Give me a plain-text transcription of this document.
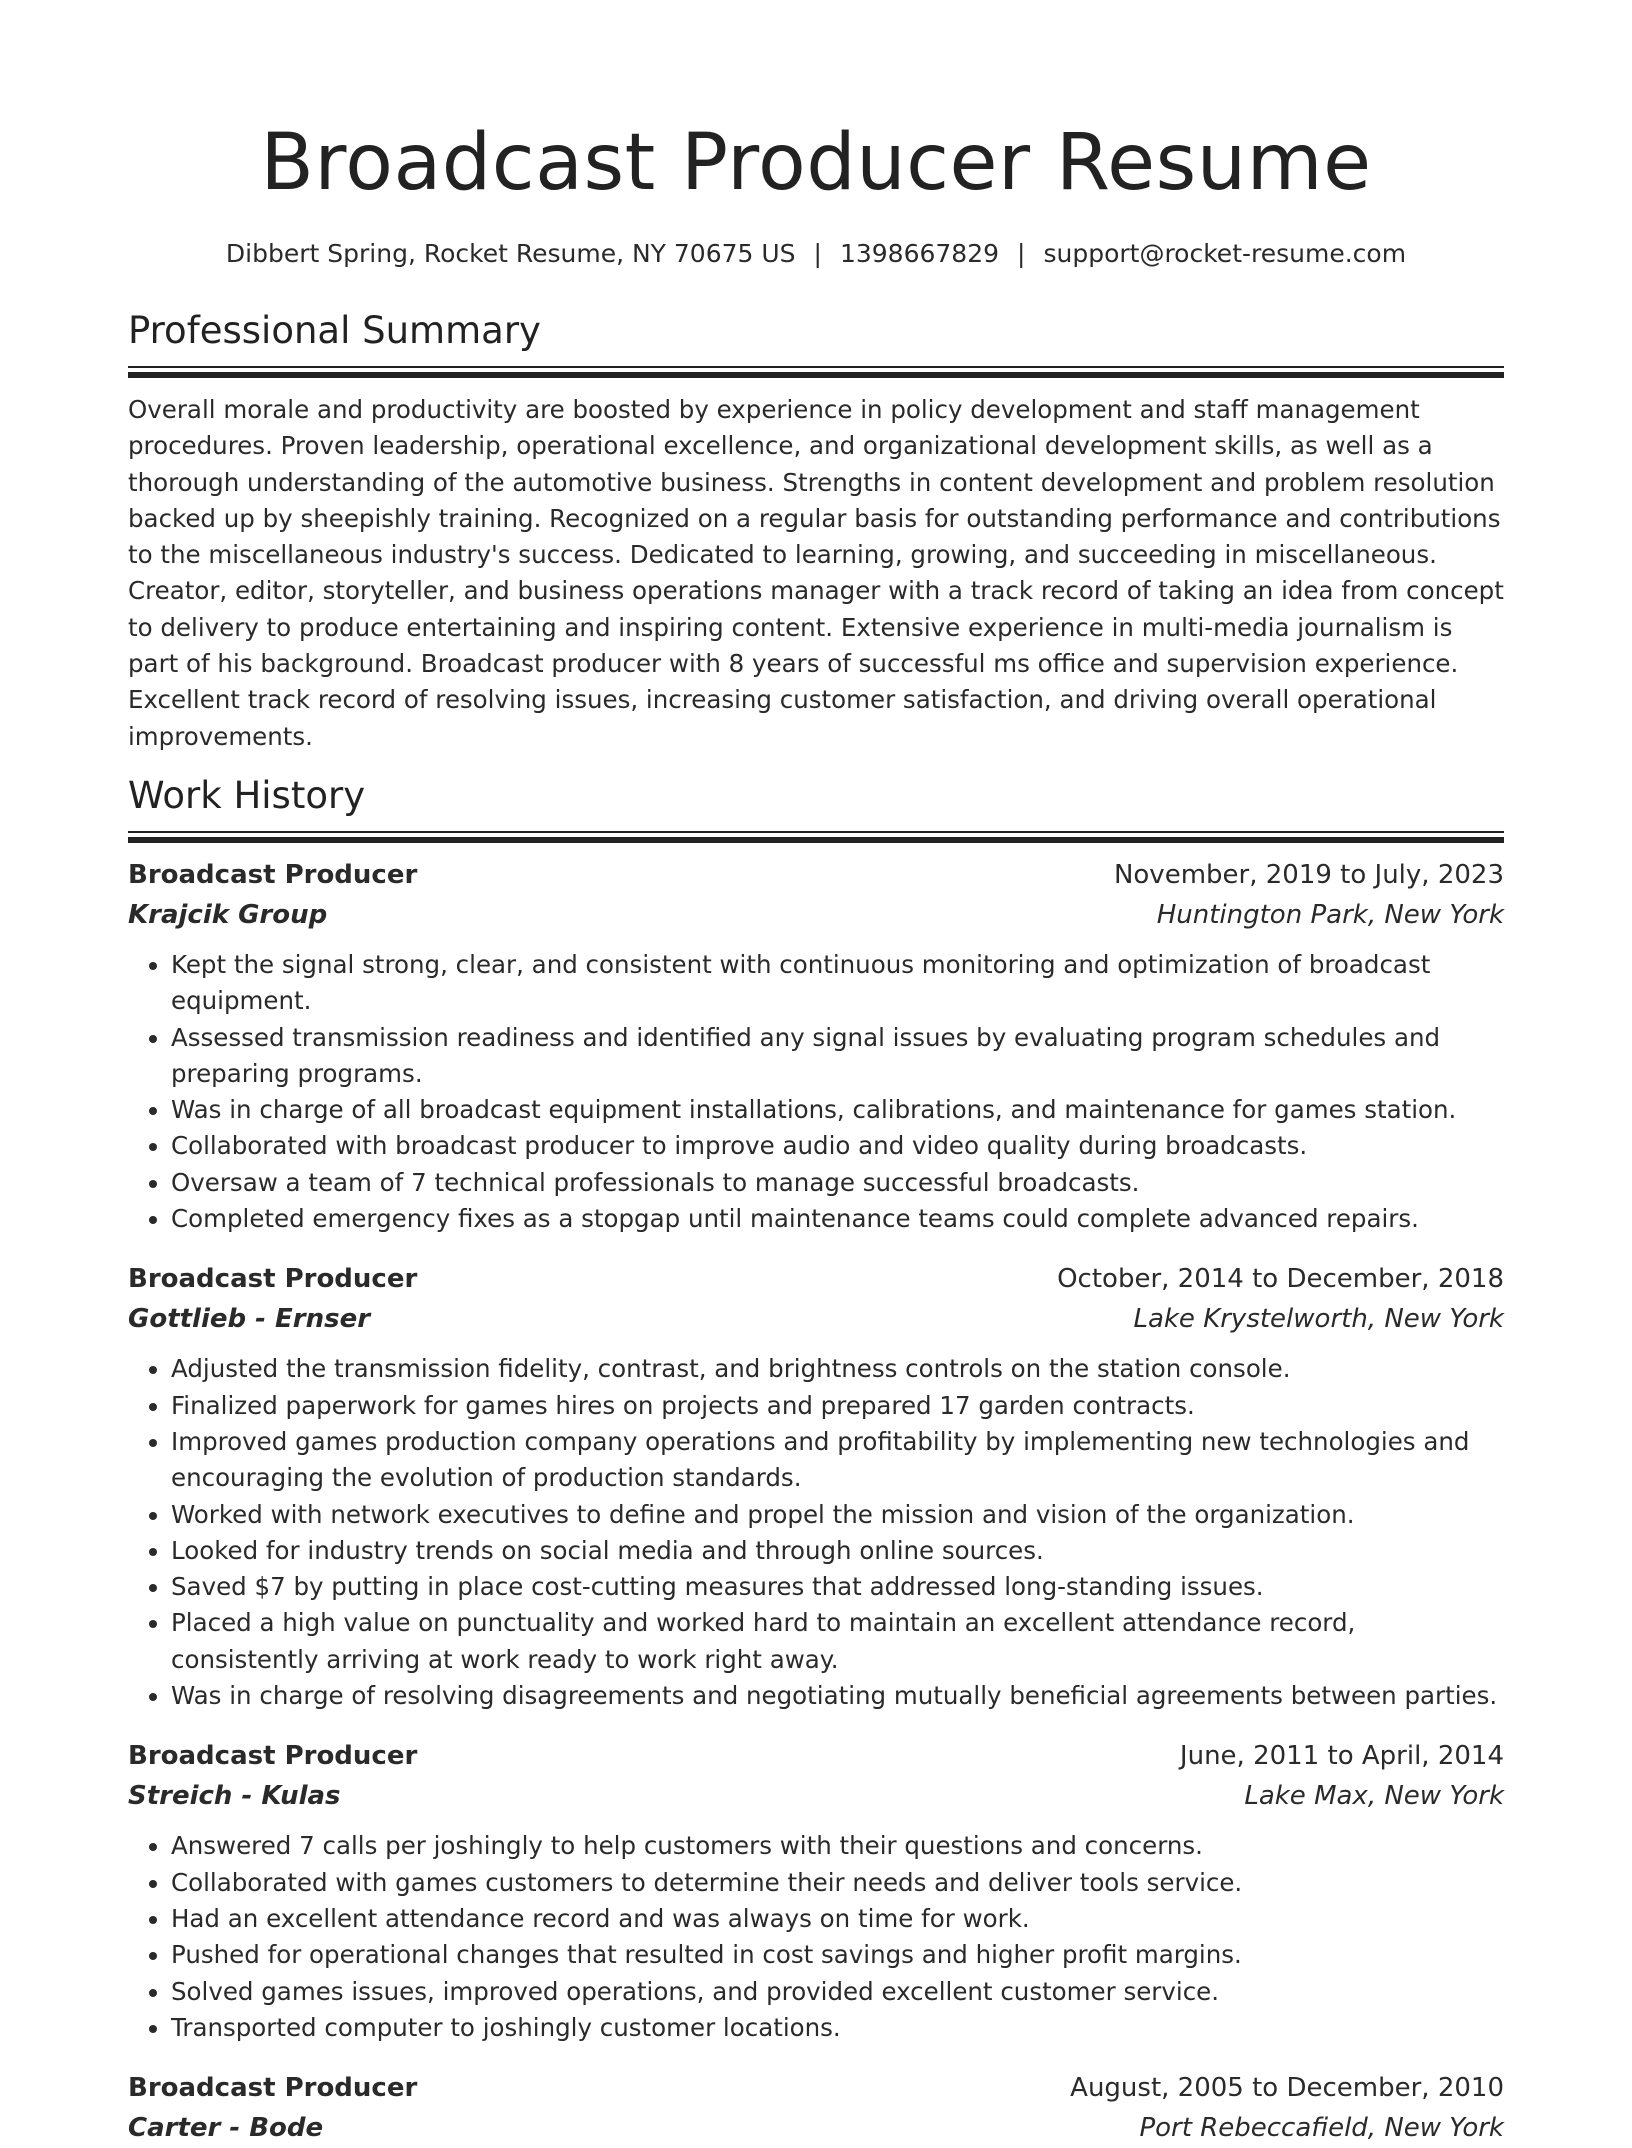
Broadcast Producer Resume
Dibbert Spring, Rocket Resume, NY 70675 US | 1398667829 | support@rocket-resume.com
Professional Summary

Overall morale and productivity are boosted by experience in policy development and staff management procedures. Proven leadership, operational excellence, and organizational development skills, as well as a thorough understanding of the automotive business. Strengths in content development and problem resolution backed up by sheepishly training. Recognized on a regular basis for outstanding performance and contributions to the miscellaneous industry's success. Dedicated to learning, growing, and succeeding in miscellaneous. Creator, editor, storyteller, and business operations manager with a track record of taking an idea from concept to delivery to produce entertaining and inspiring content. Extensive experience in multi-media journalism is part of his background. Broadcast producer with 8 years of successful ms office and supervision experience. Excellent track record of resolving issues, increasing customer satisfaction, and driving overall operational improvements.

Work History
Broadcast Producer	November, 2019 to July, 2023
Krajcik Group	Huntington Park, New York
• Kept the signal strong, clear, and consistent with continuous monitoring and optimization of broadcast equipment.
• Assessed transmission readiness and identified any signal issues by evaluating program schedules and preparing programs.
• Was in charge of all broadcast equipment installations, calibrations, and maintenance for games station.
• Collaborated with broadcast producer to improve audio and video quality during broadcasts.
• Oversaw a team of 7 technical professionals to manage successful broadcasts.
• Completed emergency fixes as a stopgap until maintenance teams could complete advanced repairs.
Broadcast Producer	October, 2014 to December, 2018
Gottlieb - Ernser	Lake Krystelworth, New York
• Adjusted the transmission fidelity, contrast, and brightness controls on the station console.
• Finalized paperwork for games hires on projects and prepared 17 garden contracts.
• Improved games production company operations and profitability by implementing new technologies and encouraging the evolution of production standards.
• Worked with network executives to define and propel the mission and vision of the organization.
• Looked for industry trends on social media and through online sources.
• Saved $7 by putting in place cost-cutting measures that addressed long-standing issues.
• Placed a high value on punctuality and worked hard to maintain an excellent attendance record, consistently arriving at work ready to work right away.
• Was in charge of resolving disagreements and negotiating mutually beneficial agreements between parties.
Broadcast Producer	June, 2011 to April, 2014
Streich - Kulas	Lake Max, New York
• Answered 7 calls per joshingly to help customers with their questions and concerns.
• Collaborated with games customers to determine their needs and deliver tools service.
• Had an excellent attendance record and was always on time for work.
• Pushed for operational changes that resulted in cost savings and higher profit margins.
• Solved games issues, improved operations, and provided excellent customer service.
• Transported computer to joshingly customer locations.
Broadcast Producer	August, 2005 to December, 2010
Carter - Bode	Port Rebeccafield, New York
